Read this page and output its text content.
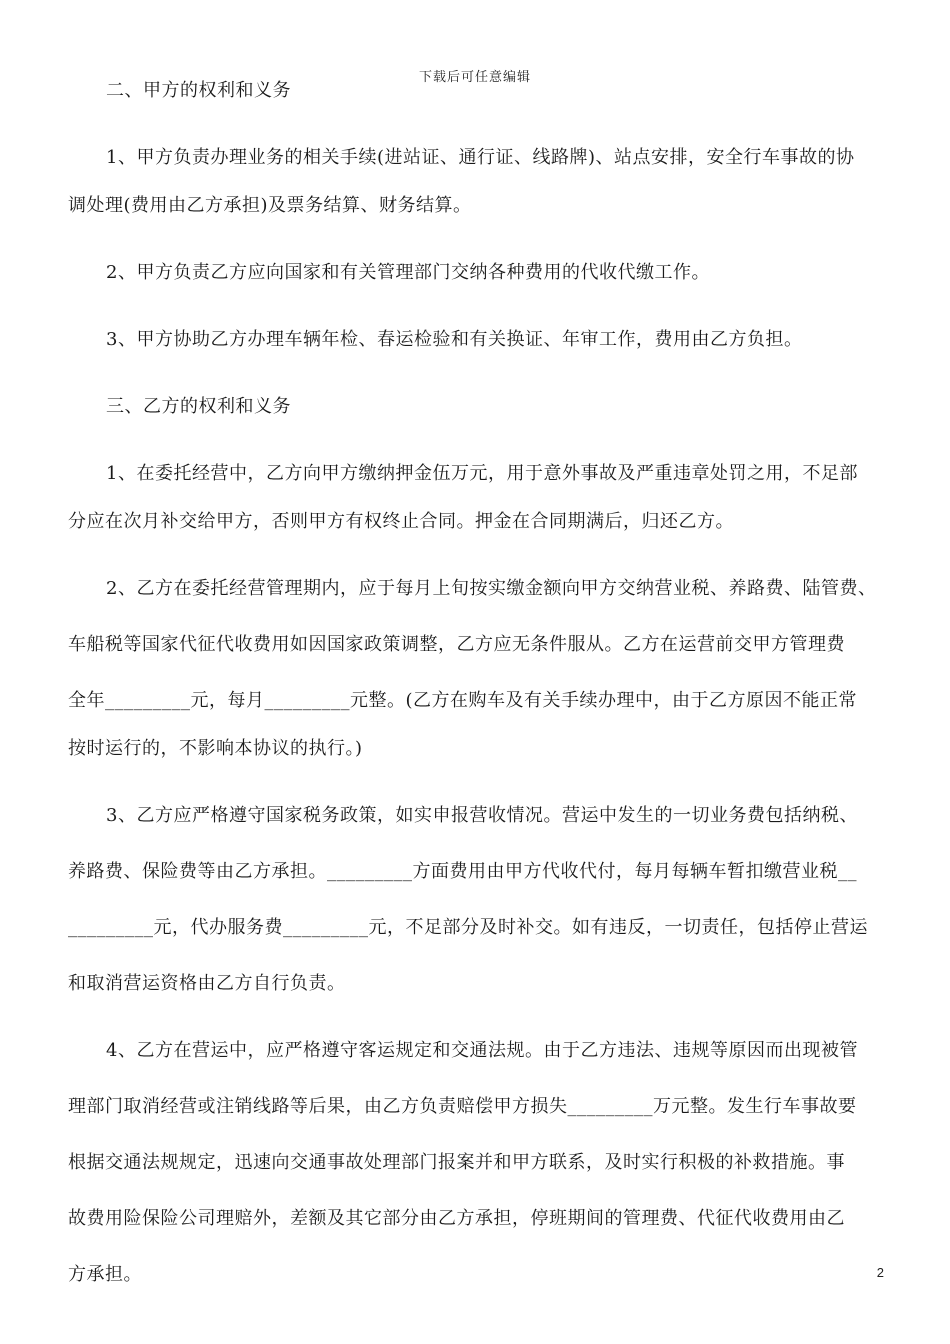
下载后可任意编辑
二、甲方的权利和义务
1、甲方负责办理业务的相关手续(进站证、通行证、线路牌)、站点安排，安全行车事故的协
调处理(费用由乙方承担)及票务结算、财务结算。
2、甲方负责乙方应向国家和有关管理部门交纳各种费用的代收代缴工作。
3、甲方协助乙方办理车辆年检、春运检验和有关换证、年审工作，费用由乙方负担。
三、乙方的权利和义务
1、在委托经营中，乙方向甲方缴纳押金伍万元，用于意外事故及严重违章处罚之用，不足部
分应在次月补交给甲方，否则甲方有权终止合同。押金在合同期满后，归还乙方。
2、乙方在委托经营管理期内，应于每月上旬按实缴金额向甲方交纳营业税、养路费、陆管费、
车船税等国家代征代收费用如因国家政策调整，乙方应无条件服从。乙方在运营前交甲方管理费
全年_________元，每月_________元整。(乙方在购车及有关手续办理中，由于乙方原因不能正常
按时运行的，不影响本协议的执行。)
3、乙方应严格遵守国家税务政策，如实申报营收情况。营运中发生的一切业务费包括纳税、
养路费、保险费等由乙方承担。_________方面费用由甲方代收代付，每月每辆车暂扣缴营业税__
_________元，代办服务费_________元，不足部分及时补交。如有违反，一切责任，包括停止营运
和取消营运资格由乙方自行负责。
4、乙方在营运中，应严格遵守客运规定和交通法规。由于乙方违法、违规等原因而出现被管
理部门取消经营或注销线路等后果，由乙方负责赔偿甲方损失_________万元整。发生行车事故要
根据交通法规规定，迅速向交通事故处理部门报案并和甲方联系，及时实行积极的补救措施。事
故费用险保险公司理赔外，差额及其它部分由乙方承担，停班期间的管理费、代征代收费用由乙
方承担。	2
